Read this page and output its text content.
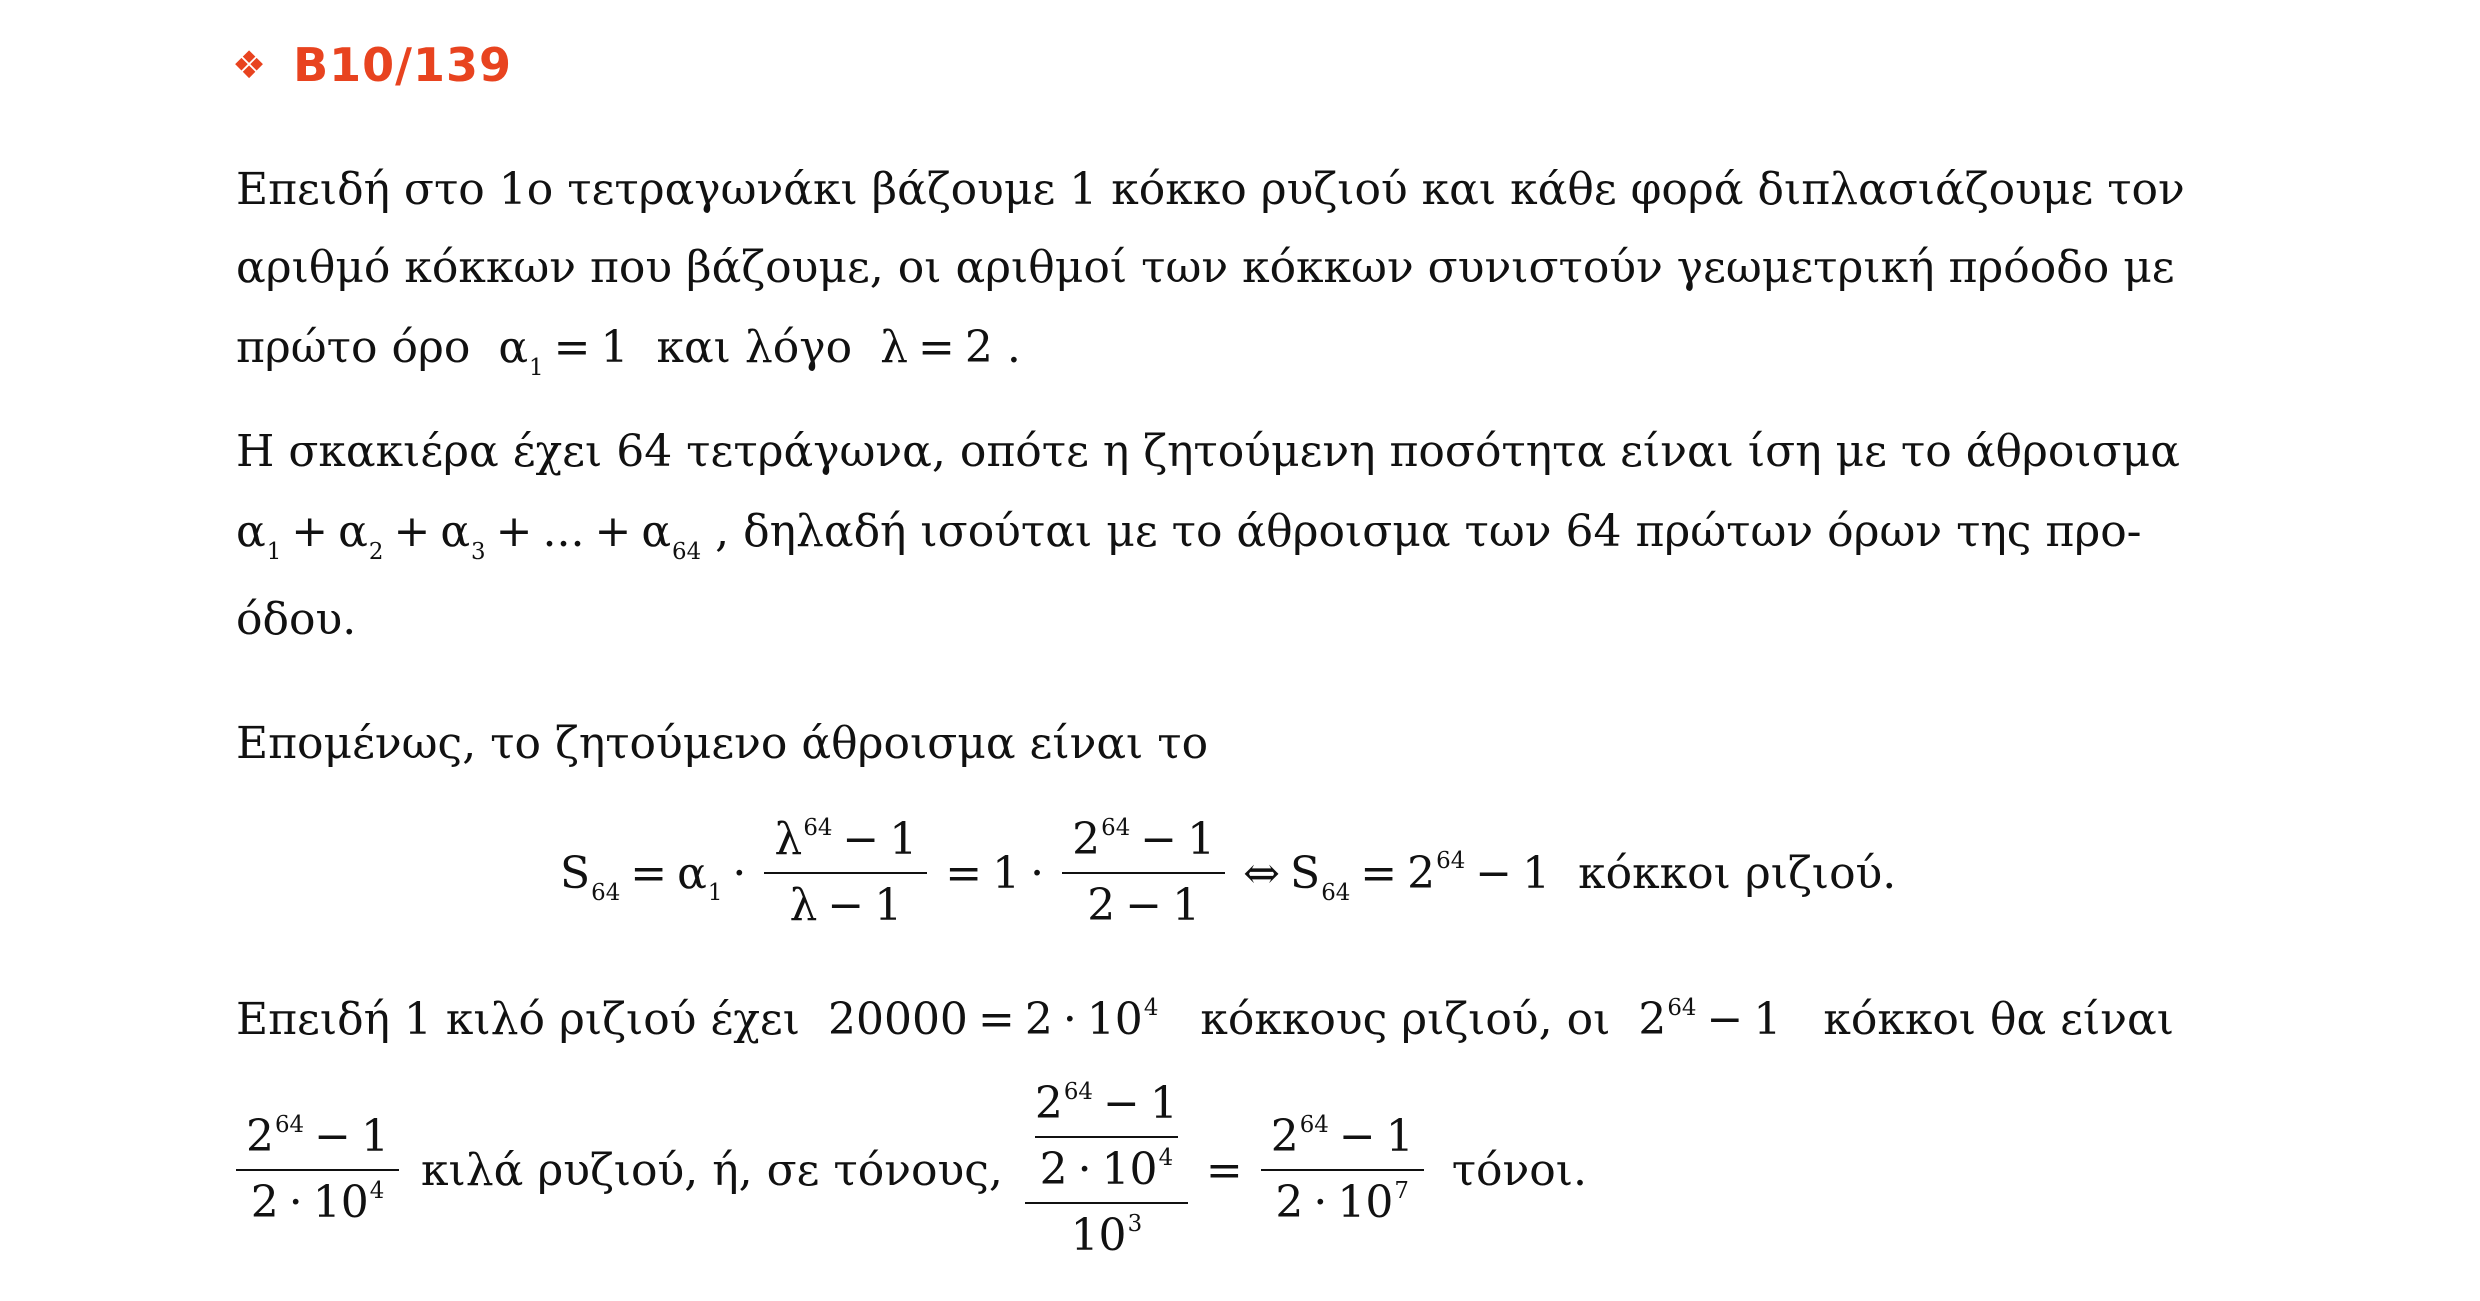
❖ B10/139
Επειδή στο 1ο τετραγωνάκι βάζουμε 1 κόκκο ρυζιού και κάθε φορά διπλασιάζουμε τον
αριθμό κόκκων που βάζουμε, οι αριθμοί των κόκκων συνιστούν γεωμετρική πρόοδο με
πρώτο όρο  $\alpha_1 = 1$  και λόγο  λ = 2 .
Η σκακιέρα έχει 64 τετράγωνα, οπότε η ζητούμενη ποσότητα είναι ίση με το άθροισμα
$\alpha_1 + \alpha_2 + \alpha_3$ + ... + $\alpha_{64}$ , δηλαδή ισούται με το άθροισμα των 64 πρώτων όρων της προ-
όδου.
Επομένως, το ζητούμενο άθροισμα είναι το
$S_{64} = \alpha_1 \cdot \frac{\lambda^{64} - 1}{\lambda - 1} = 1 \cdot \frac{2^{64} - 1}{2 - 1}$ ⇔ $S_{64} = 2^{64} - 1$ κόκκοι ριζιού.
Επειδή 1 κιλό ριζιού έχει  $20000 = 2 \cdot 10^4$ κόκκους ριζιού, οι  $2^{64} - 1$   κόκκοι θα είναι
$\frac{2^{64} - 1}{2 \cdot 10^4}$ κιλά ρυζιού, ή, σε τόνους,
$2^{64} - 1$
$2 \cdot 10^4$
$10^3$
= $\frac{2^{64} - 1}{2 \cdot 10^7} \tau ό\nu o\iota$.
